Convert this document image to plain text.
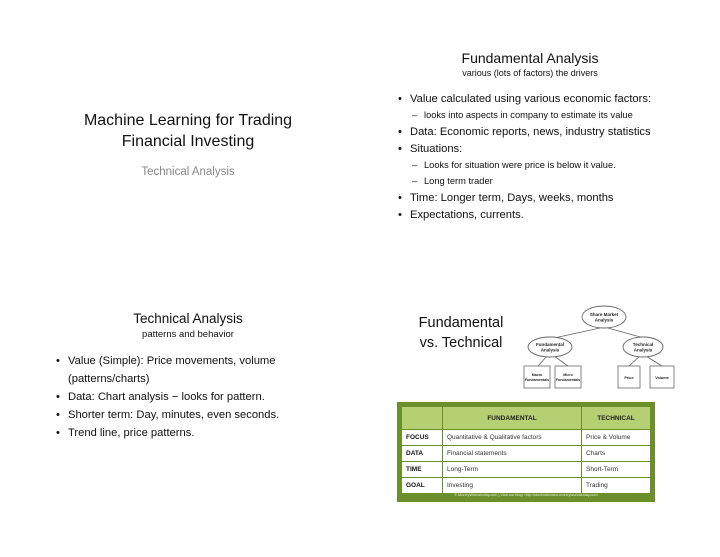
Machine Learning for Trading
Financial Investing
Technical Analysis
Fundamental Analysis
various (lots of factors) the drivers
• Value calculated using various economic factors:
– looks into aspects in company to estimate its value
• Data: Economic reports, news, industry statistics
• Situations:
– Looks for situation were price is below it value.
– Long term trader
• Time: Longer term, Days, weeks, months
• Expectations, currents.
Technical Analysis
patterns and behavior
• Value (Simple): Price movements, volume (patterns/charts)
• Data: Chart analysis − looks for pattern.
• Shorter term: Day, minutes, even seconds.
• Trend line, price patterns.
Fundamental
vs. Technical
Share Market
Analysis
Fundamental
Analysis
Technical
Analysis
Macro
Fundamentals
Micro
Fundamentals	Price	Volume
	FUNDAMENTAL	TECHNICAL
FOCUS	Quantitative & Qualitative factors	Price & Volume
DATA	Financial statements	Charts
TIME	Long-Term	Short-Term
GOAL	Investing	Trading
© MoneyWorkstoday.com | Visit our blog: http://stockinfovideo.moneyworkstoday.com
